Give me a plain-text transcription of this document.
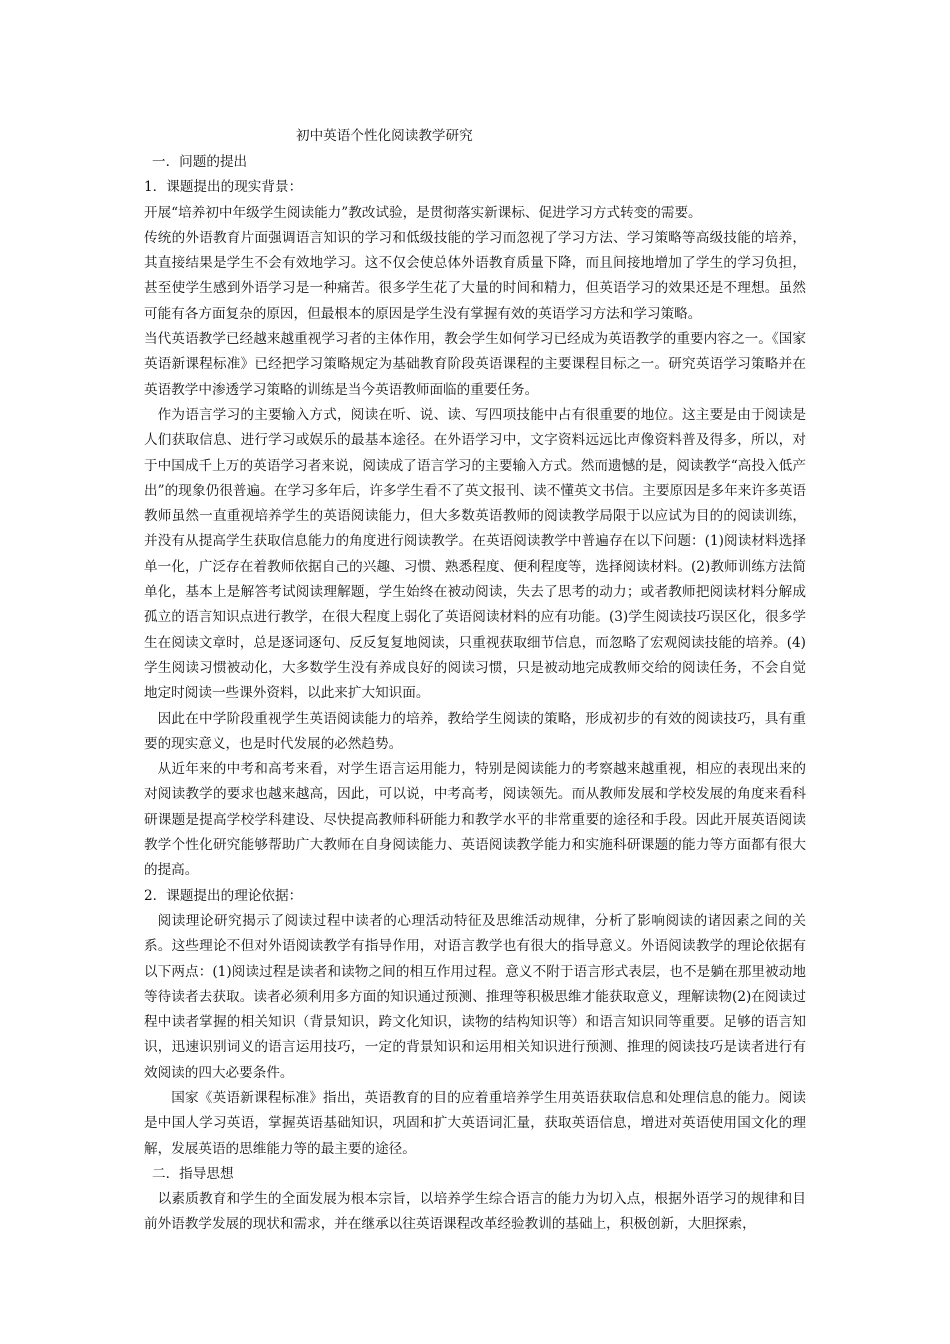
初中英语个性化阅读教学研究

一．问题的提出

1．课题提出的现实背景：

开展“培养初中年级学生阅读能力”教改试验，是贯彻落实新课标、促进学习方式转变的需要。

传统的外语教育片面强调语言知识的学习和低级技能的学习而忽视了学习方法、学习策略等高级技能的培养，其直接结果是学生不会有效地学习。这不仅会使总体外语教育质量下降，而且间接地增加了学生的学习负担，甚至使学生感到外语学习是一种痛苦。很多学生花了大量的时间和精力，但英语学习的效果还是不理想。虽然可能有各方面复杂的原因，但最根本的原因是学生没有掌握有效的英语学习方法和学习策略。

当代英语教学已经越来越重视学习者的主体作用，教会学生如何学习已经成为英语教学的重要内容之一。《国家英语新课程标准》已经把学习策略规定为基础教育阶段英语课程的主要课程目标之一。研究英语学习策略并在英语教学中渗透学习策略的训练是当今英语教师面临的重要任务。

作为语言学习的主要输入方式，阅读在听、说、读、写四项技能中占有很重要的地位。这主要是由于阅读是人们获取信息、进行学习或娱乐的最基本途径。在外语学习中，文字资料远远比声像资料普及得多，所以，对于中国成千上万的英语学习者来说，阅读成了语言学习的主要输入方式。然而遗憾的是，阅读教学“高投入低产出”的现象仍很普遍。在学习多年后，许多学生看不了英文报刊、读不懂英文书信。主要原因是多年来许多英语教师虽然一直重视培养学生的英语阅读能力，但大多数英语教师的阅读教学局限于以应试为目的的阅读训练，并没有从提高学生获取信息能力的角度进行阅读教学。在英语阅读教学中普遍存在以下问题：(1)阅读材料选择单一化，广泛存在着教师依据自己的兴趣、习惯、熟悉程度、便利程度等，选择阅读材料。(2)教师训练方法简单化，基本上是解答考试阅读理解题，学生始终在被动阅读，失去了思考的动力；或者教师把阅读材料分解成孤立的语言知识点进行教学，在很大程度上弱化了英语阅读材料的应有功能。(3)学生阅读技巧误区化，很多学生在阅读文章时，总是逐词逐句、反反复复地阅读，只重视获取细节信息，而忽略了宏观阅读技能的培养。(4)学生阅读习惯被动化，大多数学生没有养成良好的阅读习惯，只是被动地完成教师交给的阅读任务，不会自觉地定时阅读一些课外资料，以此来扩大知识面。

因此在中学阶段重视学生英语阅读能力的培养，教给学生阅读的策略，形成初步的有效的阅读技巧，具有重要的现实意义，也是时代发展的必然趋势。

从近年来的中考和高考来看，对学生语言运用能力，特别是阅读能力的考察越来越重视，相应的表现出来的对阅读教学的要求也越来越高，因此，可以说，中考高考，阅读领先。而从教师发展和学校发展的角度来看科研课题是提高学校学科建设、尽快提高教师科研能力和教学水平的非常重要的途径和手段。因此开展英语阅读教学个性化研究能够帮助广大教师在自身阅读能力、英语阅读教学能力和实施科研课题的能力等方面都有很大的提高。

2．课题提出的理论依据：

阅读理论研究揭示了阅读过程中读者的心理活动特征及思维活动规律，分析了影响阅读的诸因素之间的关系。这些理论不但对外语阅读教学有指导作用，对语言教学也有很大的指导意义。外语阅读教学的理论依据有以下两点：(1)阅读过程是读者和读物之间的相互作用过程。意义不附于语言形式表层，也不是躺在那里被动地等待读者去获取。读者必须利用多方面的知识通过预测、推理等积极思维才能获取意义，理解读物(2)在阅读过程中读者掌握的相关知识（背景知识，跨文化知识，读物的结构知识等）和语言知识同等重要。足够的语言知识，迅速识别词义的语言运用技巧，一定的背景知识和运用相关知识进行预测、推理的阅读技巧是读者进行有效阅读的四大必要条件。

国家《英语新课程标准》指出，英语教育的目的应着重培养学生用英语获取信息和处理信息的能力。阅读是中国人学习英语，掌握英语基础知识，巩固和扩大英语词汇量，获取英语信息，增进对英语使用国文化的理解，发展英语的思维能力等的最主要的途径。

二．指导思想

以素质教育和学生的全面发展为根本宗旨，以培养学生综合语言的能力为切入点，根据外语学习的规律和目前外语教学发展的现状和需求，并在继承以往英语课程改革经验教训的基础上，积极创新，大胆探索，
